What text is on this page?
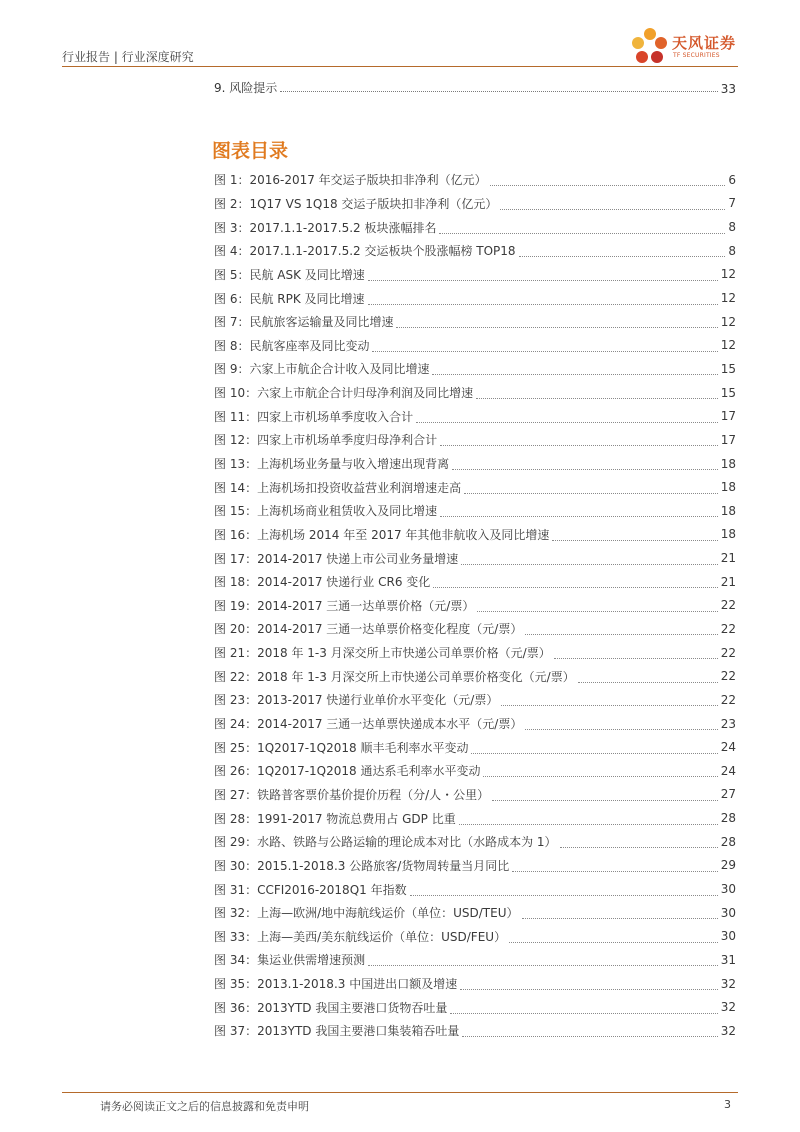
行业报告 | 行业深度研究
天风证券
TF SECURITIES
9. 风险提示	33
图表目录
图 1：2016-2017 年交运子版块扣非净利（亿元）	6
图 2：1Q17 VS 1Q18 交运子版块扣非净利（亿元）	7
图 3：2017.1.1-2017.5.2 板块涨幅排名	8
图 4：2017.1.1-2017.5.2 交运板块个股涨幅榜 TOP18	8
图 5：民航 ASK 及同比增速	12
图 6：民航 RPK 及同比增速	12
图 7：民航旅客运输量及同比增速	12
图 8：民航客座率及同比变动	12
图 9：六家上市航企合计收入及同比增速	15
图 10：六家上市航企合计归母净利润及同比增速	15
图 11：四家上市机场单季度收入合计	17
图 12：四家上市机场单季度归母净利合计	17
图 13：上海机场业务量与收入增速出现背离	18
图 14：上海机场扣投资收益营业利润增速走高	18
图 15：上海机场商业租赁收入及同比增速	18
图 16：上海机场 2014 年至 2017 年其他非航收入及同比增速	18
图 17：2014-2017 快递上市公司业务量增速	21
图 18：2014-2017 快递行业 CR6 变化	21
图 19：2014-2017 三通一达单票价格（元/票）	22
图 20：2014-2017 三通一达单票价格变化程度（元/票）	22
图 21：2018 年 1-3 月深交所上市快递公司单票价格（元/票）	22
图 22：2018 年 1-3 月深交所上市快递公司单票价格变化（元/票）	22
图 23：2013-2017 快递行业单价水平变化（元/票）	22
图 24：2014-2017 三通一达单票快递成本水平（元/票）	23
图 25：1Q2017-1Q2018 顺丰毛利率水平变动	24
图 26：1Q2017-1Q2018 通达系毛利率水平变动	24
图 27：铁路普客票价基价提价历程（分/人・公里）	27
图 28：1991-2017 物流总费用占 GDP 比重	28
图 29：水路、铁路与公路运输的理论成本对比（水路成本为 1）	28
图 30：2015.1-2018.3 公路旅客/货物周转量当月同比	29
图 31：CCFI2016-2018Q1 年指数	30
图 32：上海—欧洲/地中海航线运价（单位：USD/TEU）	30
图 33：上海—美西/美东航线运价（单位：USD/FEU）	30
图 34：集运业供需增速预测	31
图 35：2013.1-2018.3 中国进出口额及增速	32
图 36：2013YTD 我国主要港口货物吞吐量	32
图 37：2013YTD 我国主要港口集装箱吞吐量	32
请务必阅读正文之后的信息披露和免责申明	3
